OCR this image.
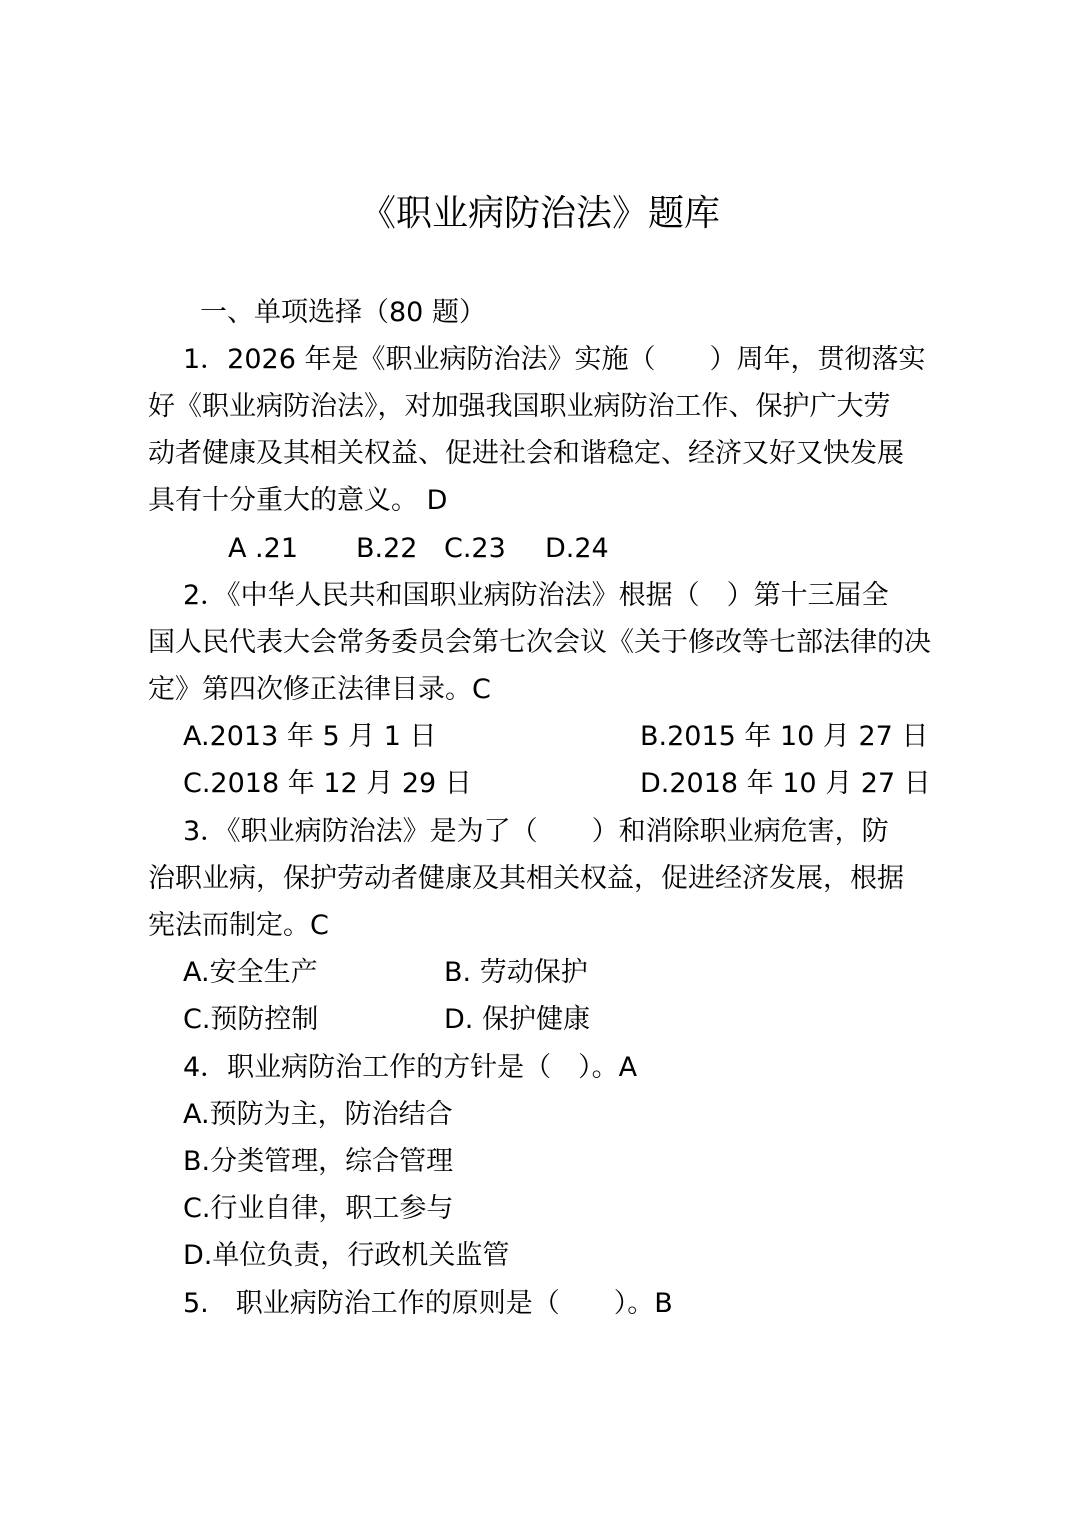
《职业病防治法》题库
一、单项选择（80 题）
1．2026 年是《职业病防治法》实施（　　）周年，贯彻落实
好《职业病防治法》，对加强我国职业病防治工作、保护广大劳
动者健康及其相关权益、促进社会和谐稳定、经济又好又快发展
具有十分重大的意义。 D
A .21 B.22 C.23 D.24
2．《中华人民共和国职业病防治法》根据（　）第十三届全
国人民代表大会常务委员会第七次会议《关于修改等七部法律的决
定》第四次修正法律目录。C
A.2013 年 5 月 1 日	B.2015 年 10 月 27 日
C.2018 年 12 月 29 日	D.2018 年 10 月 27 日
3．《职业病防治法》是为了（　　）和消除职业病危害，防
治职业病，保护劳动者健康及其相关权益，促进经济发展，根据
宪法而制定。C
A.安全生产	B. 劳动保护
C.预防控制	D. 保护健康
4．职业病防治工作的方针是（　）。A
A.预防为主，防治结合
B.分类管理，综合管理
C.行业自律，职工参与
D.单位负责，行政机关监管
5.　职业病防治工作的原则是（　　）。B
